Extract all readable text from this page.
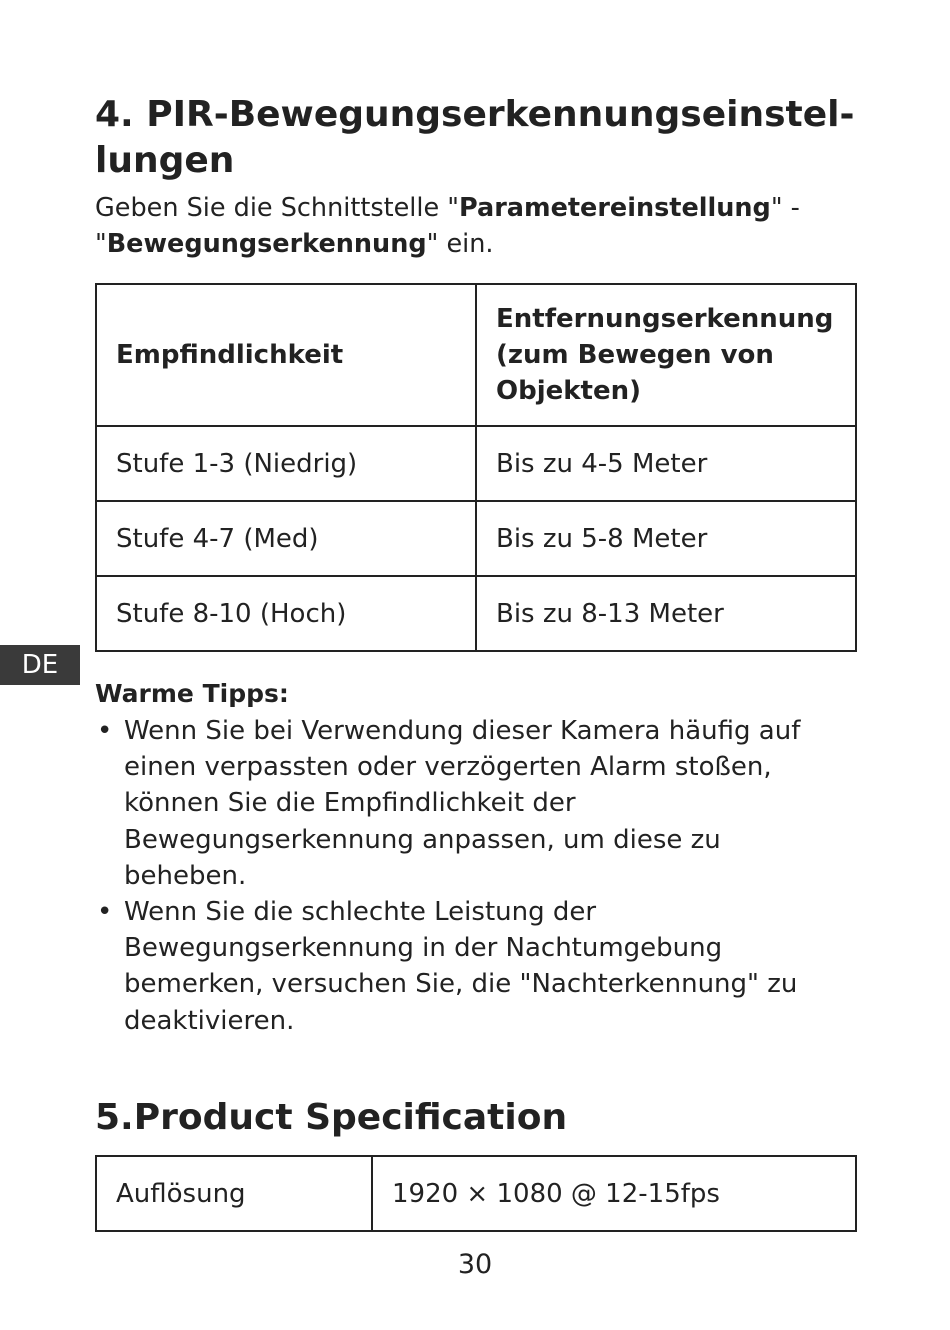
4. PIR-Bewegungserkennungseinstel-lungen

Geben Sie die Schnittstelle "Parametereinstellung" - "Bewegungserkennung" ein.

Empfindlichkeit	Entfernungserkennung (zum Bewegen von Objekten)
Stufe 1-3 (Niedrig)	Bis zu 4-5 Meter
Stufe 4-7 (Med)	Bis zu 5-8 Meter
Stufe 8-10 (Hoch)	Bis zu 8-13 Meter
DE

Warme Tipps:

• Wenn Sie bei Verwendung dieser Kamera häufig auf einen verpassten oder verzögerten Alarm stoßen, können Sie die Empfindlichkeit der Bewegungserkennung anpassen, um diese zu beheben.
• Wenn Sie die schlechte Leistung der Bewegungserkennung in der Nachtumgebung bemerken, versuchen Sie, die "Nachterkennung" zu deaktivieren.
5.Product Specification
Auflösung	1920 × 1080 @ 12-15fps
30
